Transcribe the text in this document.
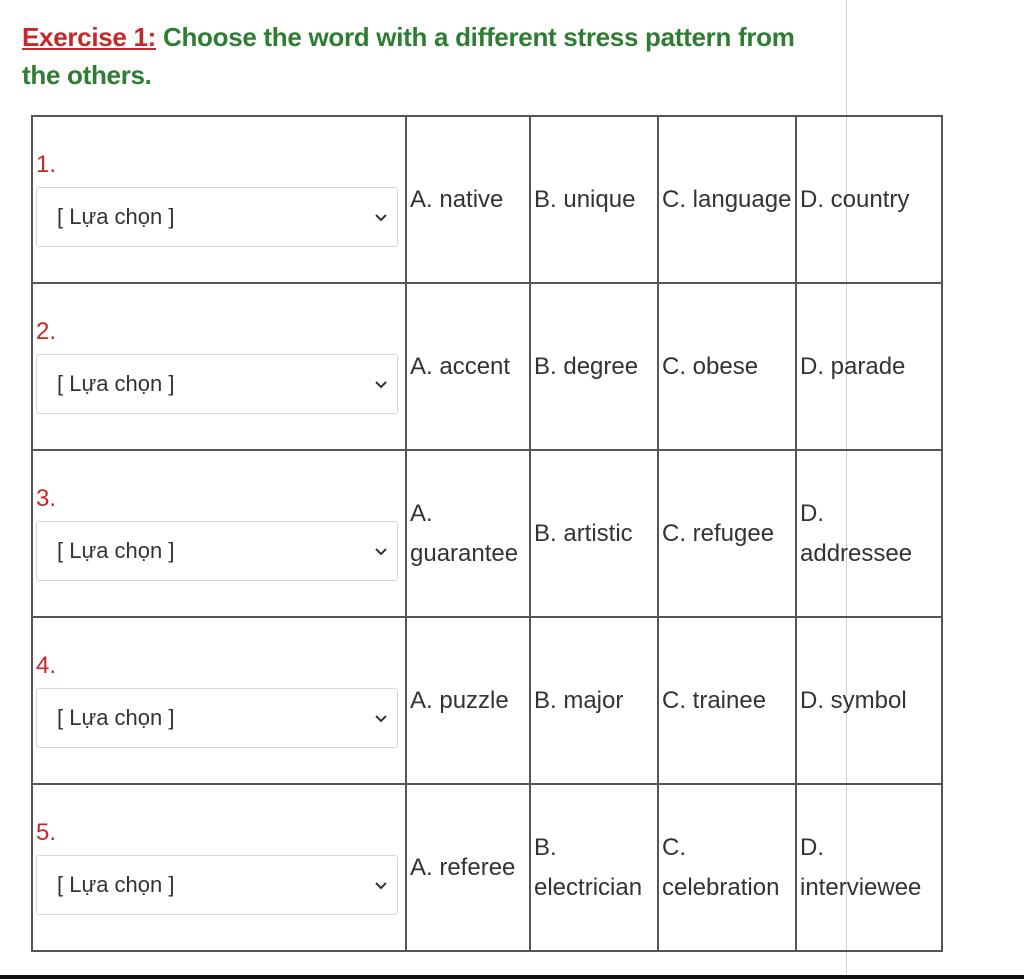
Exercise 1: Choose the word with a different stress pattern from the others.
1.
[ Lựa chọn ]	A. native	B. unique	C. language	D. country

2.
[ Lựa chọn ]	A. accent	B. degree	C. obese	D. parade

3.
[ Lựa chọn ]	A. guarantee	B. artistic	C. refugee	D. addressee

4.
[ Lựa chọn ]	A. puzzle	B. major	C. trainee	D. symbol

5.
[ Lựa chọn ]	A. referee	B. electrician	C. celebration	D. interviewee
